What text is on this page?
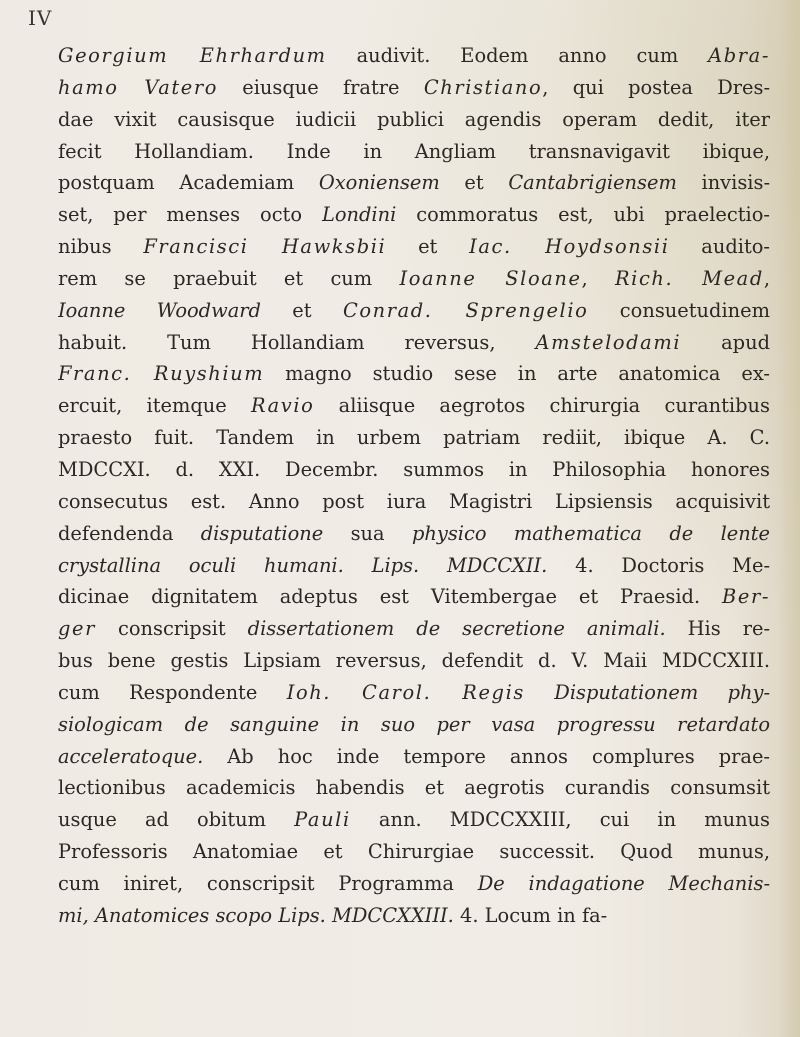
IV
Georgium Ehrhardum audivit. Eodem anno cum Abra-
hamo Vatero eiusque fratre Christiano, qui postea Dres-
dae vixit causisque iudicii publici agendis operam dedit, iter
fecit Hollandiam. Inde in Angliam transnavigavit ibique,
postquam Academiam Oxoniensem et Cantabrigiensem invisis-
set, per menses octo Londini commoratus est, ubi praelectio-
nibus Francisci Hawksbii et Iac. Hoydsonsii audito-
rem se praebuit et cum Ioanne Sloane, Rich. Mead,
Ioanne Woodward et Conrad. Sprengelio consuetudinem
habuit. Tum Hollandiam reversus, Amstelodami apud
Franc. Ruyshium magno studio sese in arte anatomica ex-
ercuit, itemque Ravio aliisque aegrotos chirurgia curantibus
praesto fuit. Tandem in urbem patriam rediit, ibique A. C.
MDCCXI. d. XXI. Decembr. summos in Philosophia honores
consecutus est. Anno post iura Magistri Lipsiensis acquisivit
defendenda disputatione sua physico mathematica de lente
crystallina oculi humani. Lips. MDCCXII. 4. Doctoris Me-
dicinae dignitatem adeptus est Vitembergae et Praesid. Ber-
ger conscripsit dissertationem de secretione animali. His re-
bus bene gestis Lipsiam reversus, defendit d. V. Maii MDCCXIII.
cum Respondente Ioh. Carol. Regis Disputationem phy-
siologicam de sanguine in suo per vasa progressu retardato
acceleratoque. Ab hoc inde tempore annos complures prae-
lectionibus academicis habendis et aegrotis curandis consumsit
usque ad obitum Pauli ann. MDCCXXIII, cui in munus
Professoris Anatomiae et Chirurgiae successit. Quod munus,
cum iniret, conscripsit Programma De indagatione Mechanis-
mi, Anatomices scopo Lips. MDCCXXIII. 4. Locum in fa-
